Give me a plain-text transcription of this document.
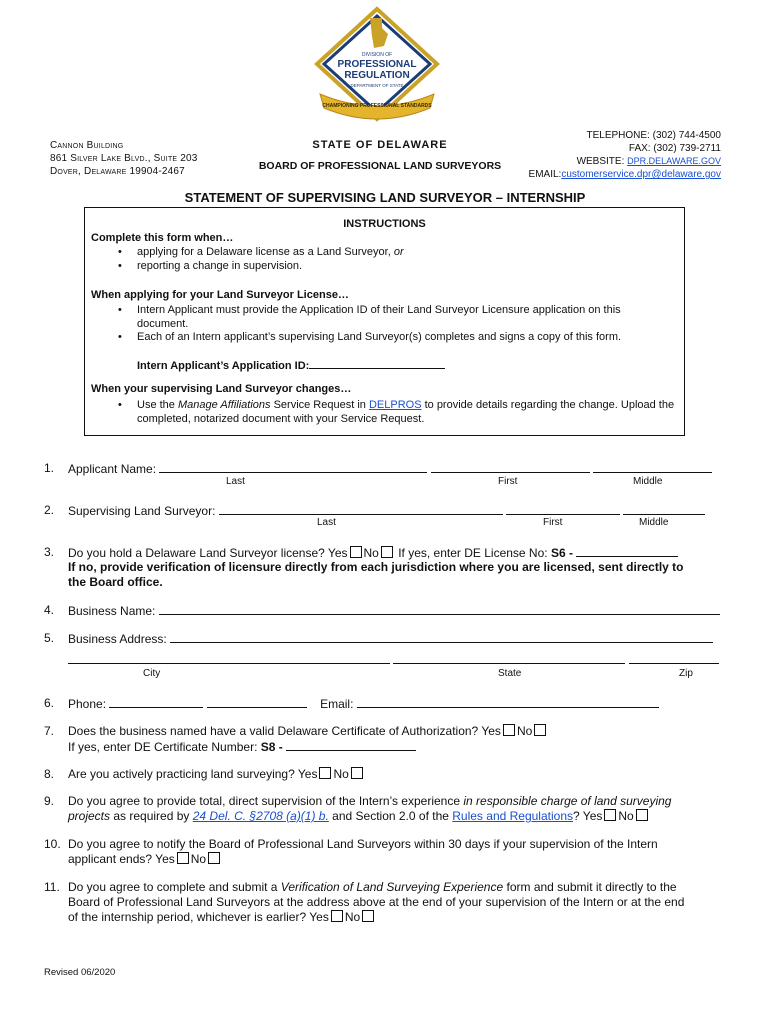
DIVISION OF
PROFESSIONAL
REGULATION
DEPARTMENT OF STATE
CHAMPIONING PROFESSIONAL STANDARDS
Cannon Building
861 Silver Lake Blvd., Suite 203
Dover, Delaware 19904-2467
STATE OF DELAWARE
BOARD OF PROFESSIONAL LAND SURVEYORS
TELEPHONE: (302) 744-4500
FAX: (302) 739-2711
WEBSITE: DPR.DELAWARE.GOV
EMAIL:customerservice.dpr@delaware.gov
STATEMENT OF SUPERVISING LAND SURVEYOR – INTERNSHIP
INSTRUCTIONS
Complete this form when…
• applying for a Delaware license as a Land Surveyor, or
• reporting a change in supervision.
When applying for your Land Surveyor License…
• Intern Applicant must provide the Application ID of their Land Surveyor Licensure application on this document.
• Each of an Intern applicant’s supervising Land Surveyor(s) completes and signs a copy of this form.
Intern Applicant’s Application ID:
When your supervising Land Surveyor changes…
• Use the Manage Affiliations Service Request in DELPROS to provide details regarding the change. Upload the completed, notarized document with your Service Request.
1. Applicant Name:
Last	First	Middle
2. Supervising Land Surveyor:
Last	First	Middle
3. Do you hold a Delaware Land Surveyor license? Yes No If yes, enter DE License No: S6 -
If no, provide verification of licensure directly from each jurisdiction where you are licensed, sent directly to
the Board office.
4. Business Name:
5. Business Address:

City	State	Zip
6. Phone:	Email:
7. Does the business named have a valid Delaware Certificate of Authorization? Yes No
If yes, enter DE Certificate Number: S8 -
8. Are you actively practicing land surveying? Yes No
9. Do you agree to provide total, direct supervision of the Intern’s experience in responsible charge of land surveying
projects as required by 24 Del. C. §2708 (a)(1) b. and Section 2.0 of the Rules and Regulations? Yes No
10. Do you agree to notify the Board of Professional Land Surveyors within 30 days if your supervision of the Intern
applicant ends? Yes No
11. Do you agree to complete and submit a Verification of Land Surveying Experience form and submit it directly to the
Board of Professional Land Surveyors at the address above at the end of your supervision of the Intern or at the end
of the internship period, whichever is earlier? Yes No
Revised 06/2020
